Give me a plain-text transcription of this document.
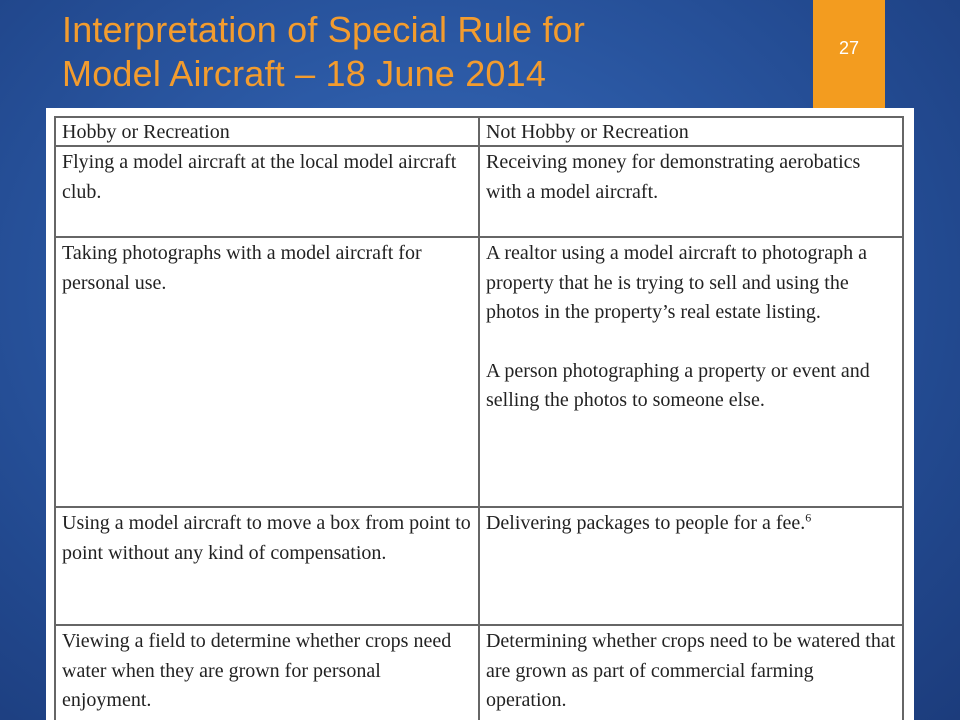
Interpretation of Special Rule for
Model Aircraft – 18 June 2014
27
Hobby or Recreation	Not Hobby or Recreation

Flying a model aircraft at the local model aircraft club.	Receiving money for demonstrating aerobatics with a model aircraft.

Taking photographs with a model aircraft for personal use.	A realtor using a model aircraft to photograph a property that he is trying to sell and using the photos in the property’s real estate listing.
A person photographing a property or event and selling the photos to someone else.

Using a model aircraft to move a box from point to point without any kind of compensation.	Delivering packages to people for a fee.$^6$

Viewing a field to determine whether crops need water when they are grown for personal enjoyment.	Determining whether crops need to be watered that are grown as part of commercial farming operation.
